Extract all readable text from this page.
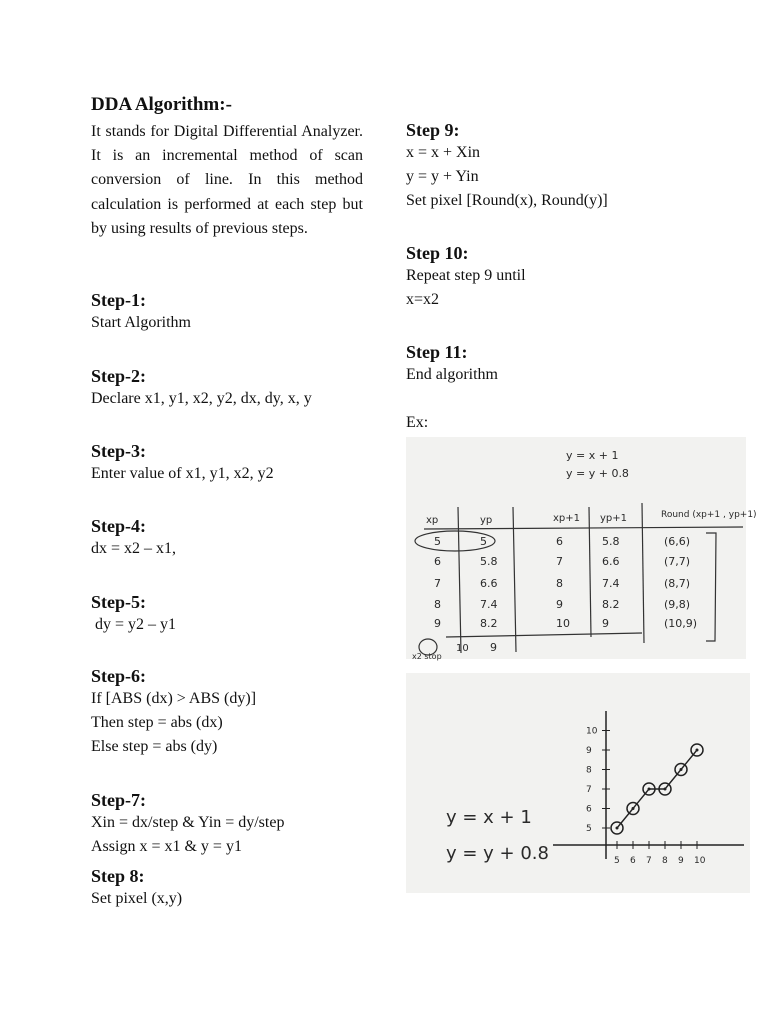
DDA Algorithm:-
It stands for Digital Differential Analyzer. It is an incremental method of scan conversion of line. In this method calculation is performed at each step but by using results of previous steps.
Step-1:
Start Algorithm
Step-2:
Declare x1, y1, x2, y2, dx, dy, x, y
Step-3:
Enter value of x1, y1, x2, y2
Step-4:
dx = x2 – x1,
Step-5:
dy = y2 – y1
Step-6:
If [ABS (dx) > ABS (dy)]
Then step = abs (dx)
Else step = abs (dy)
Step-7:
Xin = dx/step & Yin = dy/step
Assign x = x1 & y = y1
Step 8:
Set pixel (x,y)
Step 9:
x = x + Xin
y = y + Yin
Set pixel [Round(x), Round(y)]
Step 10:
Repeat step 9 until
x=x2
Step 11:
End algorithm
Ex:
y = x + 1
y = y + 0.8
xp	yp	xp+1 yp+1	Round (xp+1 , yp+1)
5	5	6	5.8	(6,6)
6	5.8	7	6.6	(7,7)
7	6.6	8	7.4	(8,7)
8	7.4	9	8.2	(9,8)
9	8.2	10	9	(10,9)
10 9
x2 stop
y = x + 1
y = y + 0.8	5 6 7 8 9 10
5
6
7
8
9
10
